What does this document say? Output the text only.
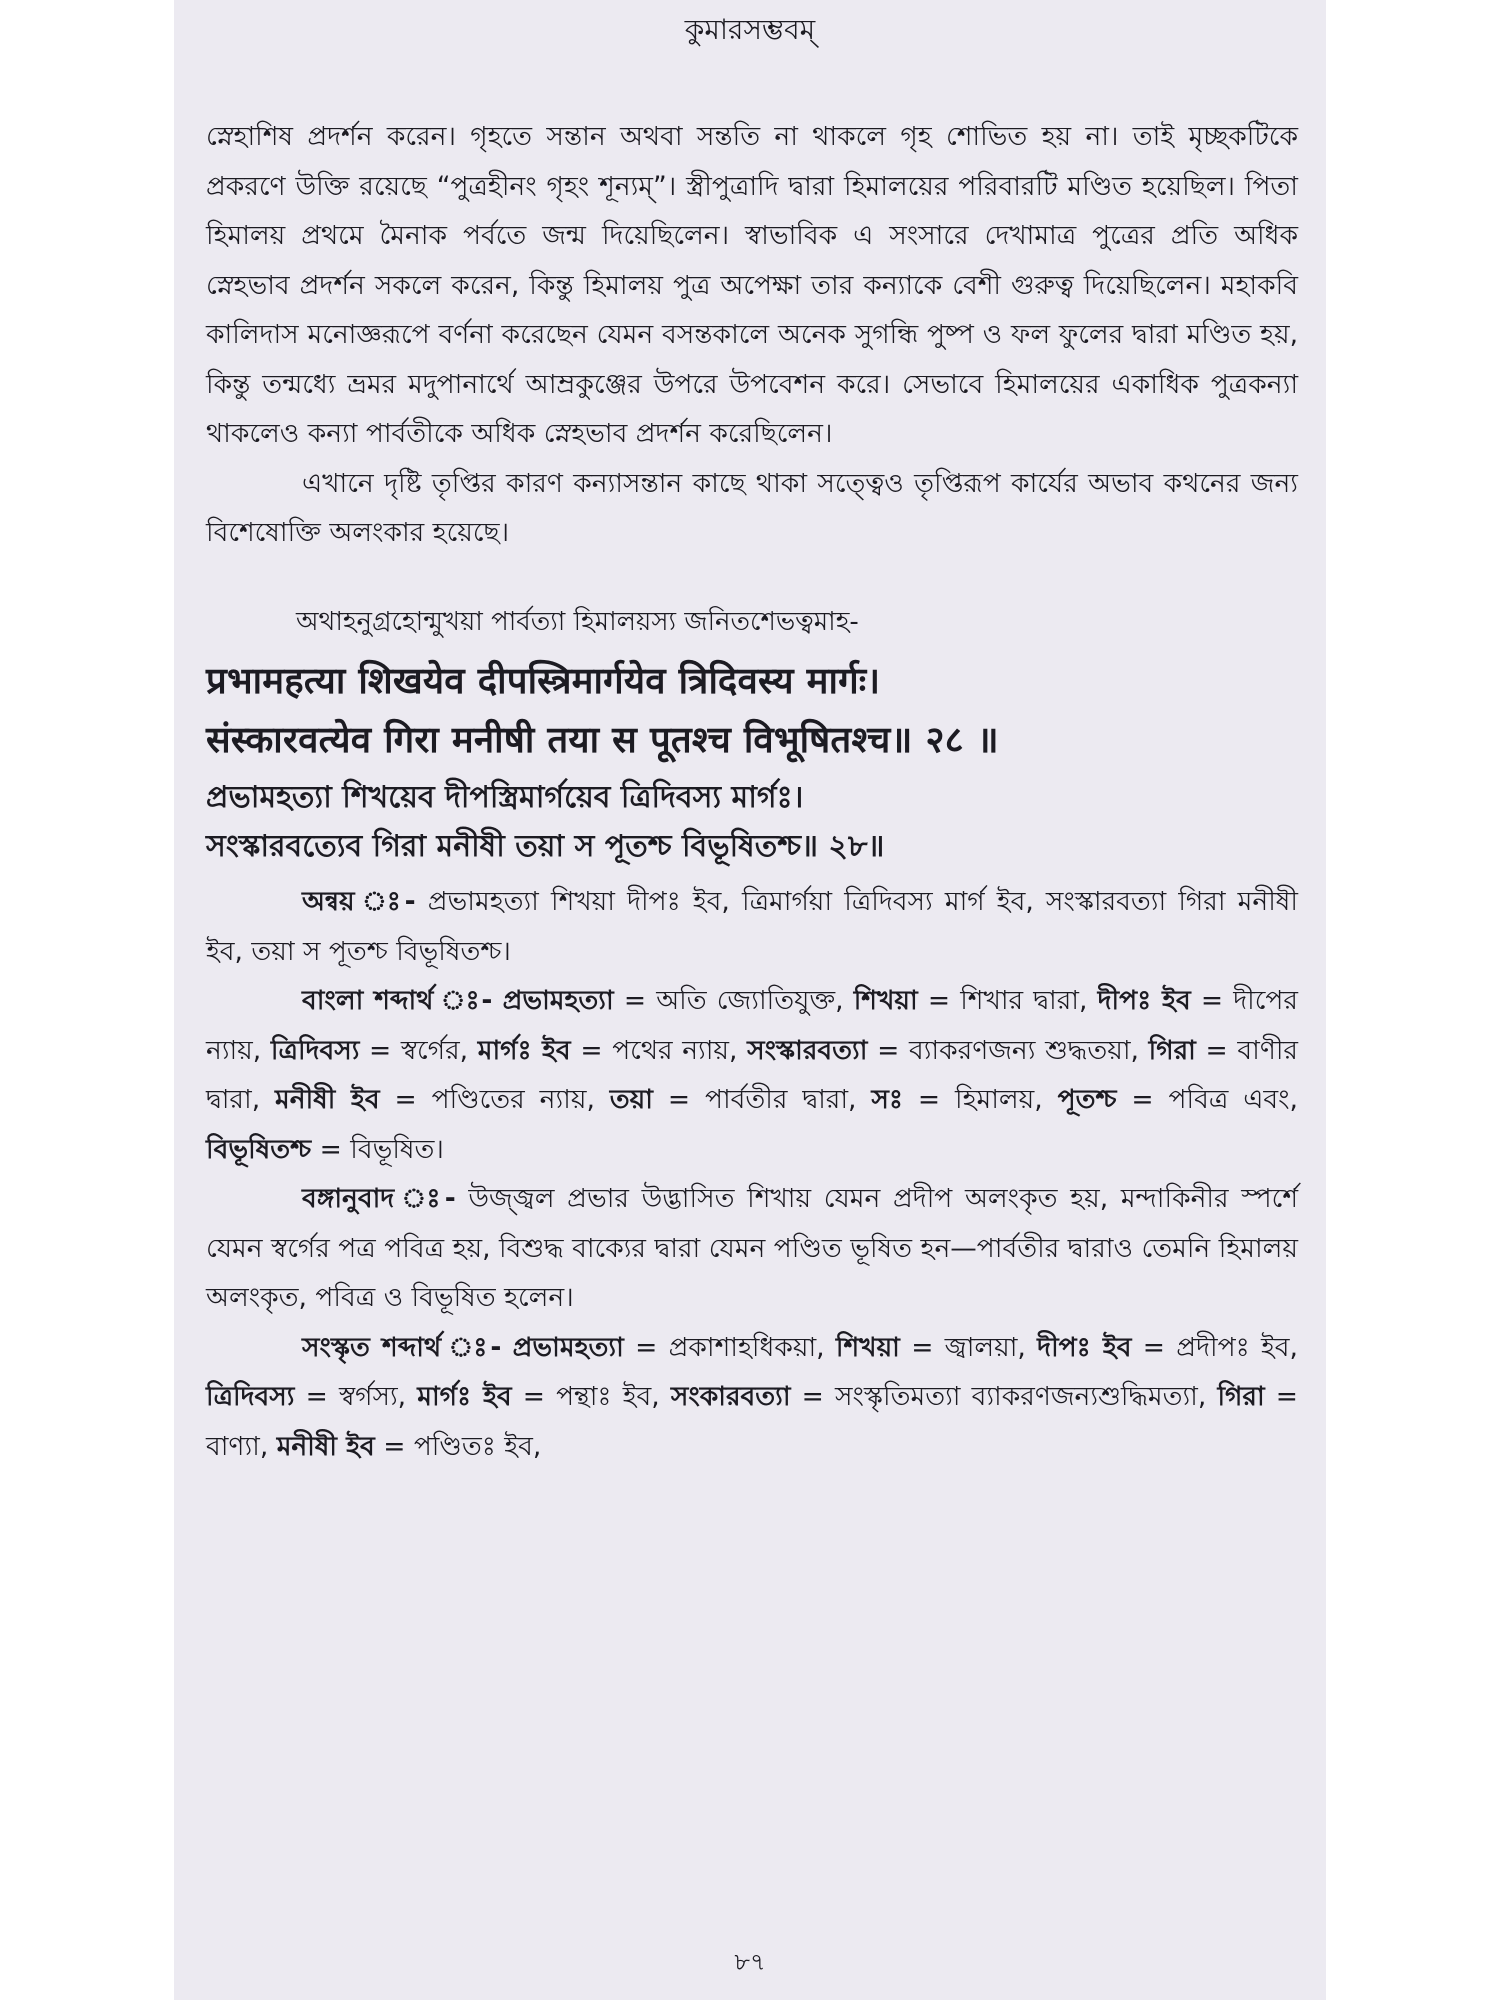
কুমারসম্ভবম্

স্নেহাশিষ প্রদর্শন করেন। গৃহতে সন্তান অথবা সন্ততি না থাকলে গৃহ শোভিত হয় না। তাই মৃচ্ছকটিকে প্রকরণে উক্তি রয়েছে “পুত্রহীনং গৃহং শূন্যম্”। স্ত্রীপুত্রাদি দ্বারা হিমালয়ের পরিবারটি মণ্ডিত হয়েছিল। পিতা হিমালয় প্রথমে মৈনাক পর্বতে জন্ম দিয়েছিলেন। স্বাভাবিক এ সংসারে দেখামাত্র পুত্রের প্রতি অধিক স্নেহভাব প্রদর্শন সকলে করেন, কিন্তু হিমালয় পুত্র অপেক্ষা তার কন্যাকে বেশী গুরুত্ব দিয়েছিলেন। মহাকবি কালিদাস মনোজ্ঞরূপে বর্ণনা করেছেন যেমন বসন্তকালে অনেক সুগন্ধি পুষ্প ও ফল ফুলের দ্বারা মণ্ডিত হয়, কিন্তু তন্মধ্যে ভ্রমর মদুপানার্থে আম্রকুঞ্জের উপরে উপবেশন করে। সেভাবে হিমালয়ের একাধিক পুত্রকন্যা থাকলেও কন্যা পার্বতীকে অধিক স্নেহভাব প্রদর্শন করেছিলেন।

এখানে দৃষ্টি তৃপ্তির কারণ কন্যাসন্তান কাছে থাকা সত্ত্বেও তৃপ্তিরূপ কার্যের অভাব কথনের জন্য বিশেষোক্তি অলংকার হয়েছে।

অথাহনুগ্রহোন্মুখয়া পার্বত্যা হিমালয়স্য জনিতশেভত্বমাহ-

प्रभामहत्या शिखयेव दीपस्त्रिमार्गयेव त्रिदिवस्य मार्गः।
संस्कारवत्येव गिरा मनीषी तया स पूतश्च विभूषितश्च॥ २८ ॥
প্রভামহত্যা শিখয়েব দীপস্ত্রিমার্গয়েব ত্রিদিবস্য মার্গঃ।
সংস্কারবত্যেব গিরা মনীষী তয়া স পূতশ্চ বিভূষিতশ্চ॥ ২৮॥

অন্বয় ঃ- প্রভামহত্যা শিখয়া দীপঃ ইব, ত্রিমার্গয়া ত্রিদিবস্য মার্গ ইব, সংস্কারবত্যা গিরা মনীষী ইব, তয়া স পূতশ্চ বিভূষিতশ্চ।

বাংলা শব্দার্থ ঃ- প্রভামহত্যা = অতি জ্যোতিযুক্ত, শিখয়া = শিখার দ্বারা, দীপঃ ইব = দীপের ন্যায়, ত্রিদিবস্য = স্বর্গের, মার্গঃ ইব = পথের ন্যায়, সংস্কারবত্যা = ব্যাকরণজন্য শুদ্ধতয়া, গিরা = বাণীর দ্বারা, মনীষী ইব = পণ্ডিতের ন্যায়, তয়া = পার্বতীর দ্বারা, সঃ = হিমালয়, পূতশ্চ = পবিত্র এবং, বিভূষিতশ্চ = বিভূষিত।

বঙ্গানুবাদ ঃ- উজ্জ্বল প্রভার উদ্ভাসিত শিখায় যেমন প্রদীপ অলংকৃত হয়, মন্দাকিনীর স্পর্শে যেমন স্বর্গের পত্র পবিত্র হয়, বিশুদ্ধ বাক্যের দ্বারা যেমন পণ্ডিত ভূষিত হন—পার্বতীর দ্বারাও তেমনি হিমালয় অলংকৃত, পবিত্র ও বিভূষিত হলেন।

সংস্কৃত শব্দার্থ ঃ- প্রভামহত্যা = প্রকাশাহধিকয়া, শিখয়া = জ্বালয়া, দীপঃ ইব = প্রদীপঃ ইব, ত্রিদিবস্য = স্বর্গস্য, মার্গঃ ইব = পন্থাঃ ইব, সংকারবত্যা = সংস্কৃতিমত্যা ব্যাকরণজন্যশুদ্ধিমত্যা, গিরা = বাণ্যা, মনীষী ইব = পণ্ডিতঃ ইব,

৮৭
